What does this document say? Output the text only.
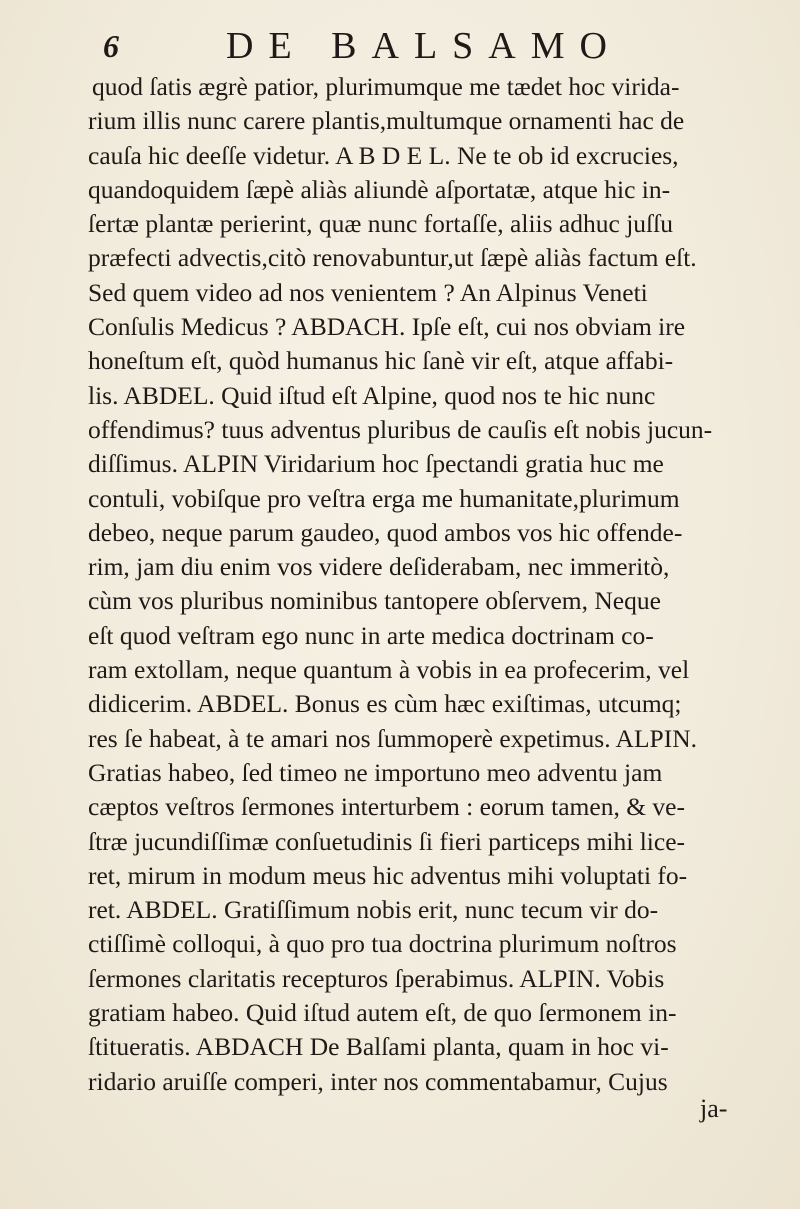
6	DE BALSAMO
quod ſatis ægrè patior, plurimumque me tædet hoc virida-
rium illis nunc carere plantis,multumque ornamenti hac de
cauſa hic deeſſe videtur. A B D E L. Ne te ob id excrucies,
quandoquidem ſæpè aliàs aliundè aſportatæ, atque hic in-
ſertæ plantæ perierint, quæ nunc fortaſſe, aliis adhuc juſſu
præfecti advectis,citò renovabuntur,ut ſæpè aliàs factum eſt.
Sed quem video ad nos venientem ? An Alpinus Veneti
Conſulis Medicus ? ABDACH. Ipſe eſt, cui nos obviam ire
honeſtum eſt, quòd humanus hic ſanè vir eſt, atque affabi-
lis. ABDEL. Quid iſtud eſt Alpine, quod nos te hic nunc
offendimus? tuus adventus pluribus de cauſis eſt nobis jucun-
diſſimus. ALPIN Viridarium hoc ſpectandi gratia huc me
contuli, vobiſque pro veſtra erga me humanitate,plurimum
debeo, neque parum gaudeo, quod ambos vos hic offende-
rim, jam diu enim vos videre deſiderabam, nec immeritò,
cùm vos pluribus nominibus tantopere obſervem, Neque
eſt quod veſtram ego nunc in arte medica doctrinam co-
ram extollam, neque quantum à vobis in ea profecerim, vel
didicerim. ABDEL. Bonus es cùm hæc exiſtimas, utcumq;
res ſe habeat, à te amari nos ſummoperè expetimus. ALPIN.
Gratias habeo, ſed timeo ne importuno meo adventu jam
cæptos veſtros ſermones interturbem : eorum tamen, & ve-
ſtræ jucundiſſimæ conſuetudinis ſi fieri particeps mihi lice-
ret, mirum in modum meus hic adventus mihi voluptati fo-
ret. ABDEL. Gratiſſimum nobis erit, nunc tecum vir do-
ctiſſimè colloqui, à quo pro tua doctrina plurimum noſtros
ſermones claritatis recepturos ſperabimus. ALPIN. Vobis
gratiam habeo. Quid iſtud autem eſt, de quo ſermonem in-
ſtitueratis. ABDACH De Balſami planta, quam in hoc vi-
ridario aruiſſe comperi, inter nos commentabamur, Cujus
ja-
